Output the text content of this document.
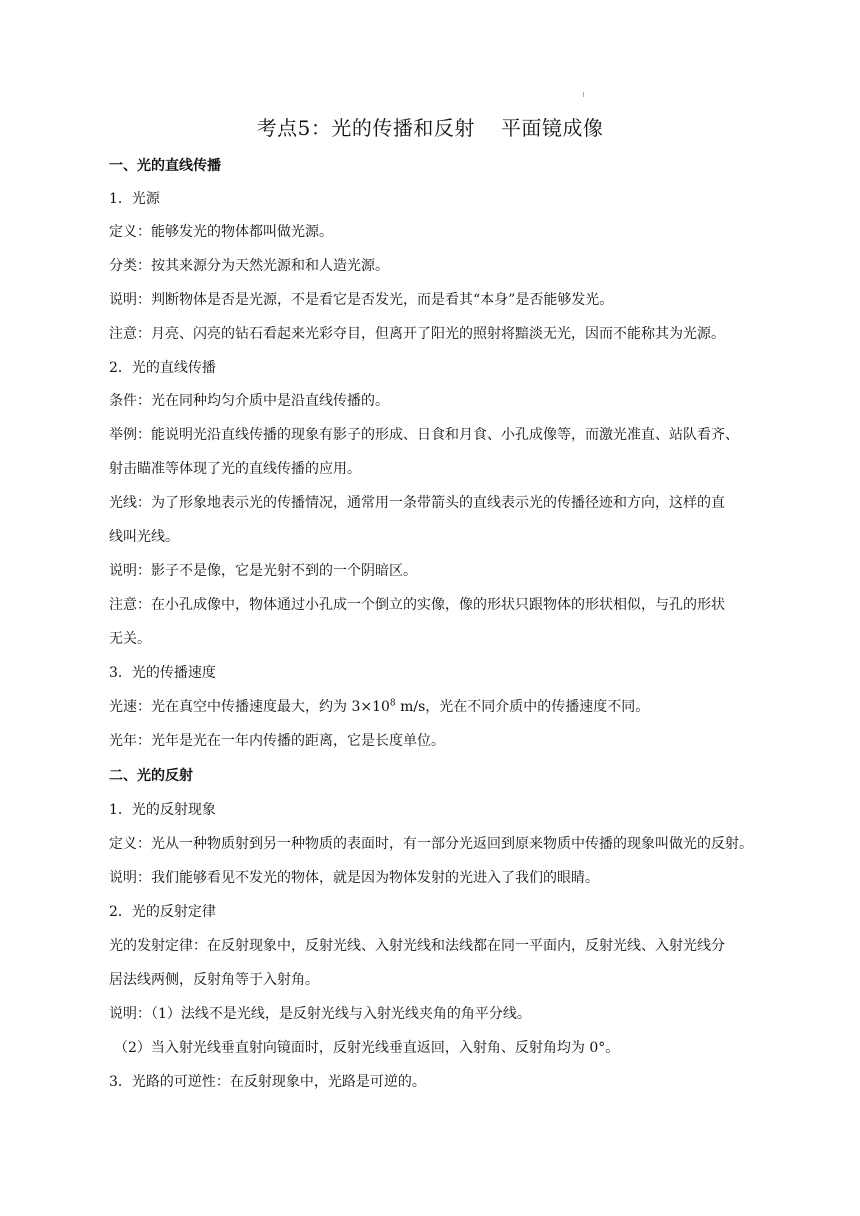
考点5：光的传播和反射 平面镜成像
一、光的直线传播
1．光源
定义：能够发光的物体都叫做光源。
分类：按其来源分为天然光源和和人造光源。
说明：判断物体是否是光源，不是看它是否发光，而是看其“本身”是否能够发光。
注意：月亮、闪亮的钻石看起来光彩夺目，但离开了阳光的照射将黯淡无光，因而不能称其为光源。
2．光的直线传播
条件：光在同种均匀介质中是沿直线传播的。
举例：能说明光沿直线传播的现象有影子的形成、日食和月食、小孔成像等，而激光准直、站队看齐、
射击瞄准等体现了光的直线传播的应用。
光线：为了形象地表示光的传播情况，通常用一条带箭头的直线表示光的传播径迹和方向，这样的直
线叫光线。
说明：影子不是像，它是光射不到的一个阴暗区。
注意：在小孔成像中，物体通过小孔成一个倒立的实像，像的形状只跟物体的形状相似，与孔的形状
无关。
3．光的传播速度
光速：光在真空中传播速度最大，约为 $3\times 10^8$ m/s，光在不同介质中的传播速度不同。
光年：光年是光在一年内传播的距离，它是长度单位。
二、光的反射
1．光的反射现象
定义：光从一种物质射到另一种物质的表面时，有一部分光返回到原来物质中传播的现象叫做光的反射。
说明：我们能够看见不发光的物体，就是因为物体发射的光进入了我们的眼睛。
2．光的反射定律
光的发射定律：在反射现象中，反射光线、入射光线和法线都在同一平面内，反射光线、入射光线分
居法线两侧，反射角等于入射角。
说明：（1）法线不是光线，是反射光线与入射光线夹角的角平分线。
（2）当入射光线垂直射向镜面时，反射光线垂直返回，入射角、反射角均为 0°。
3．光路的可逆性：在反射现象中，光路是可逆的。
